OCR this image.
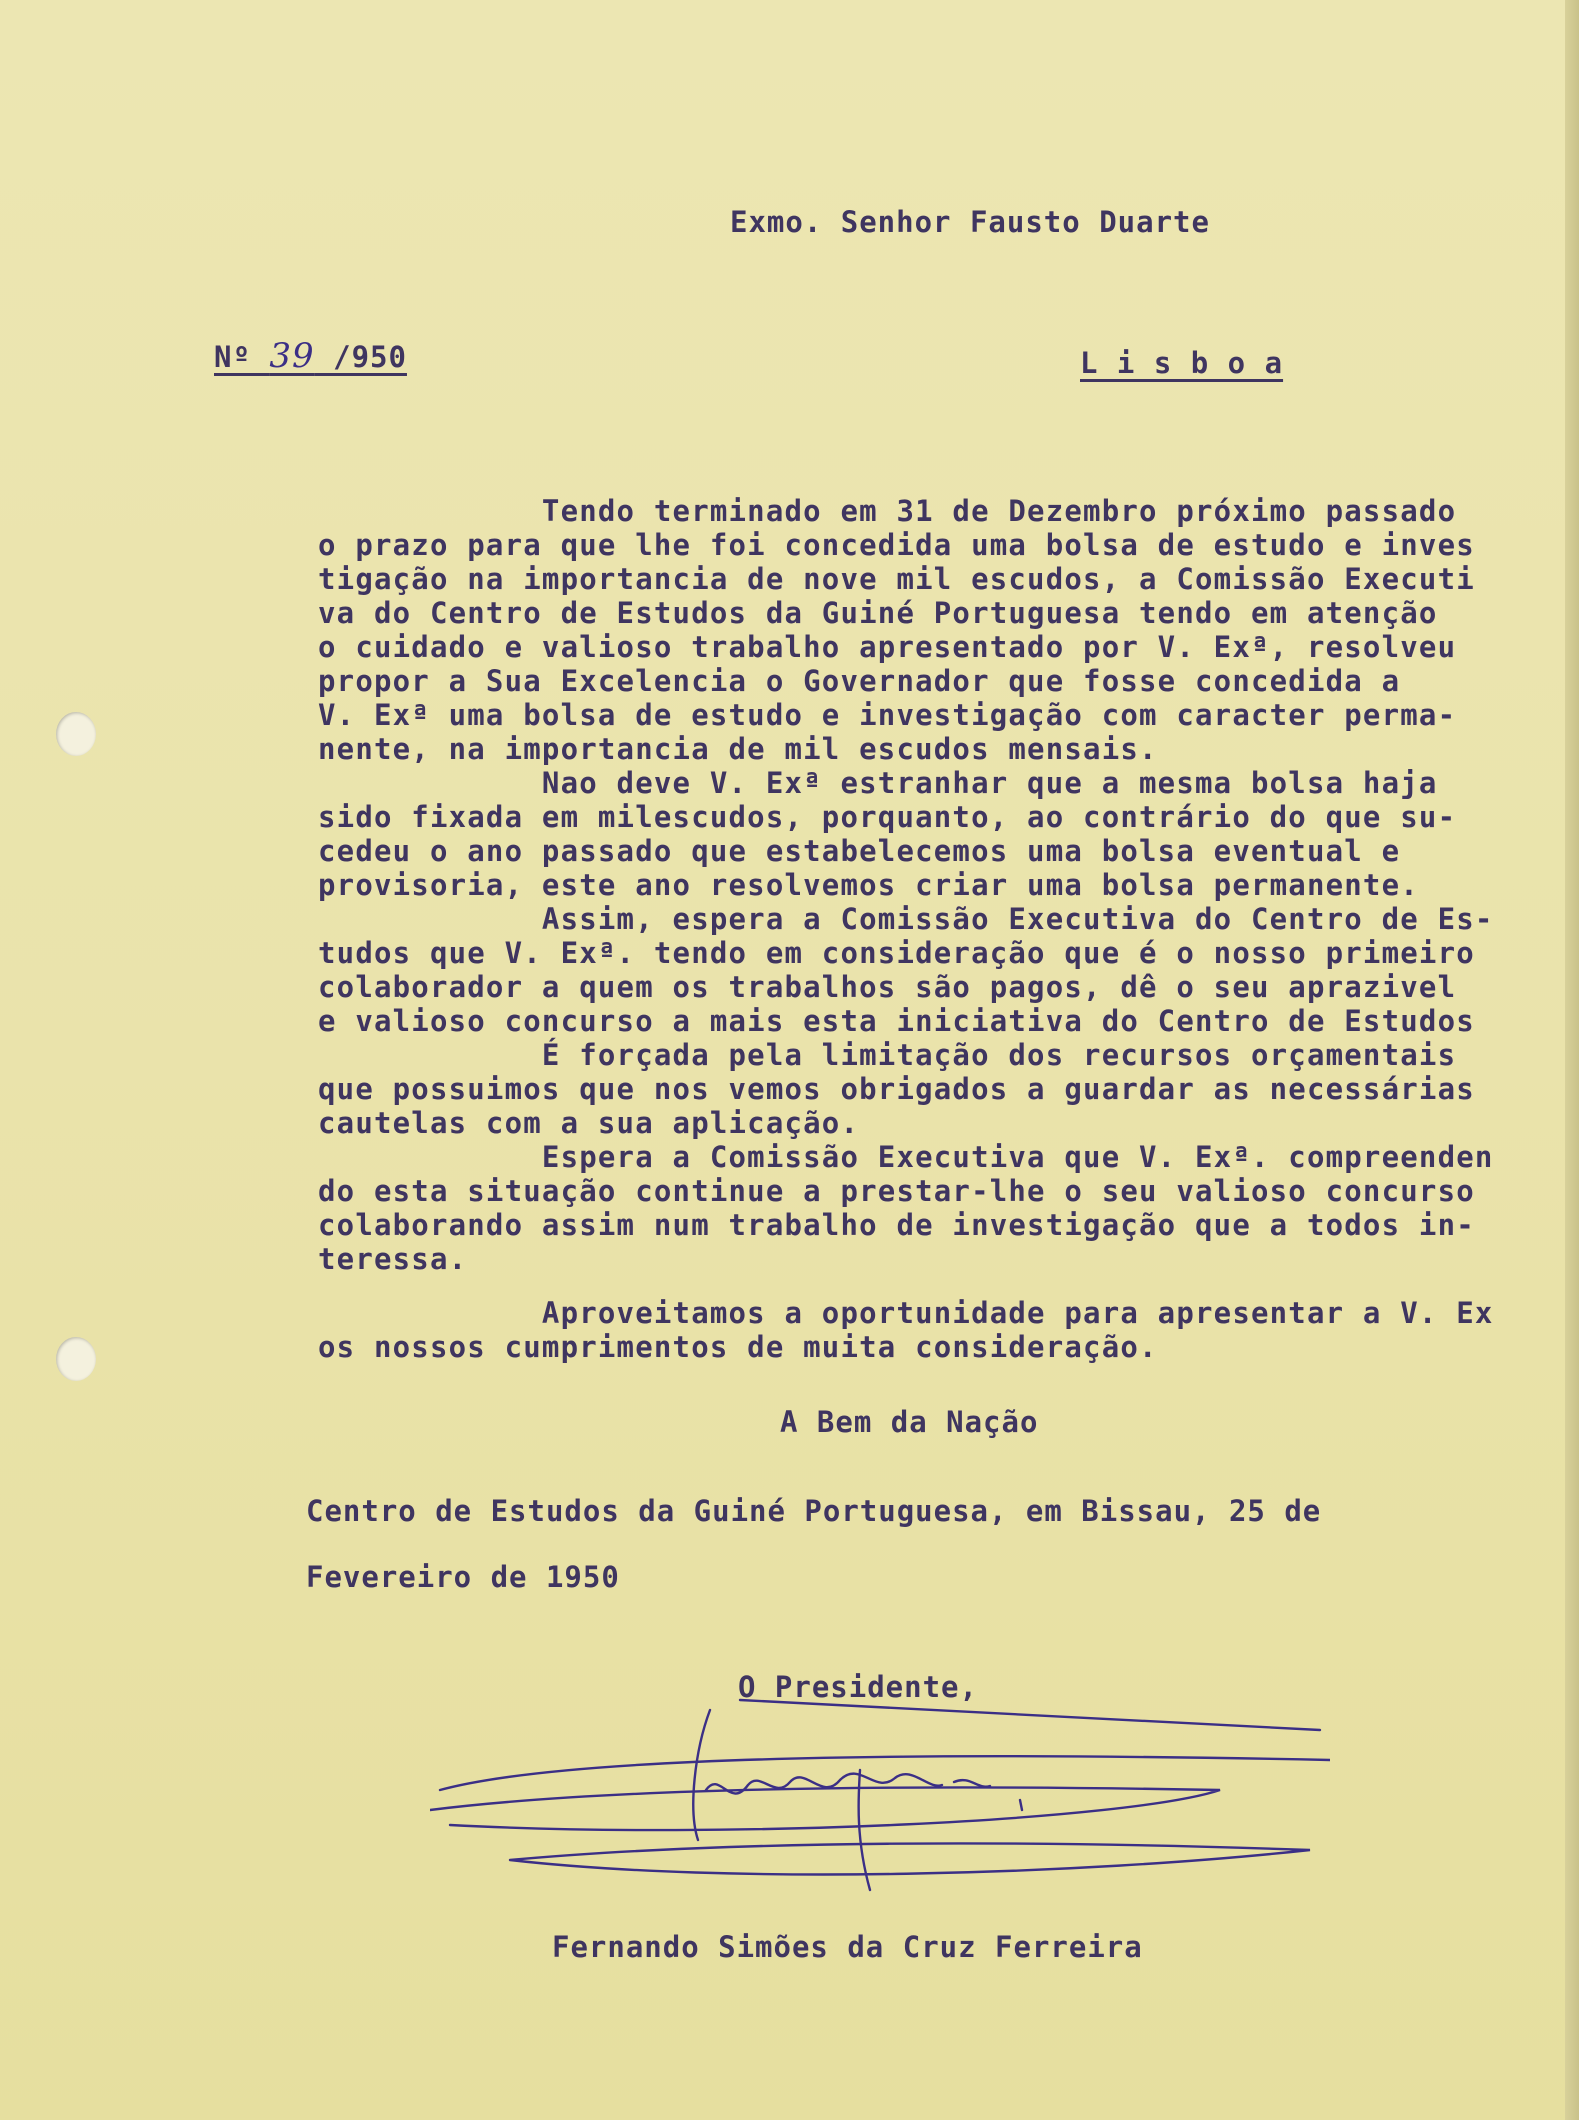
Exmo. Senhor Fausto Duarte
Nº 39 /950	L i s b o a
Tendo terminado em 31 de Dezembro próximo passado
o prazo para que lhe foi concedida uma bolsa de estudo e inves
tigação na importancia de nove mil escudos, a Comissão Executi
va do Centro de Estudos da Guiné Portuguesa tendo em atenção
o cuidado e valioso trabalho apresentado por V. Exª, resolveu
propor a Sua Excelencia o Governador que fosse concedida a
V. Exª uma bolsa de estudo e investigação com caracter perma-
nente, na importancia de mil escudos mensais.
Nao deve V. Exª estranhar que a mesma bolsa haja
sido fixada em milescudos, porquanto, ao contrário do que su-
cedeu o ano passado que estabelecemos uma bolsa eventual e
provisoria, este ano resolvemos criar uma bolsa permanente.
Assim, espera a Comissão Executiva do Centro de Es-
tudos que V. Exª. tendo em consideração que é o nosso primeiro
colaborador a quem os trabalhos são pagos, dê o seu aprazivel
e valioso concurso a mais esta iniciativa do Centro de Estudos
É forçada pela limitação dos recursos orçamentais
que possuimos que nos vemos obrigados a guardar as necessárias
cautelas com a sua aplicação.
Espera a Comissão Executiva que V. Exª. compreenden
do esta situação continue a prestar-lhe o seu valioso concurso
colaborando assim num trabalho de investigação que a todos in-
teressa.
Aproveitamos a oportunidade para apresentar a V. Ex
os nossos cumprimentos de muita consideração.
A Bem da Nação
Centro de Estudos da Guiné Portuguesa, em Bissau, 25 de
Fevereiro de 1950
O Presidente,
Fernando Simões da Cruz Ferreira
